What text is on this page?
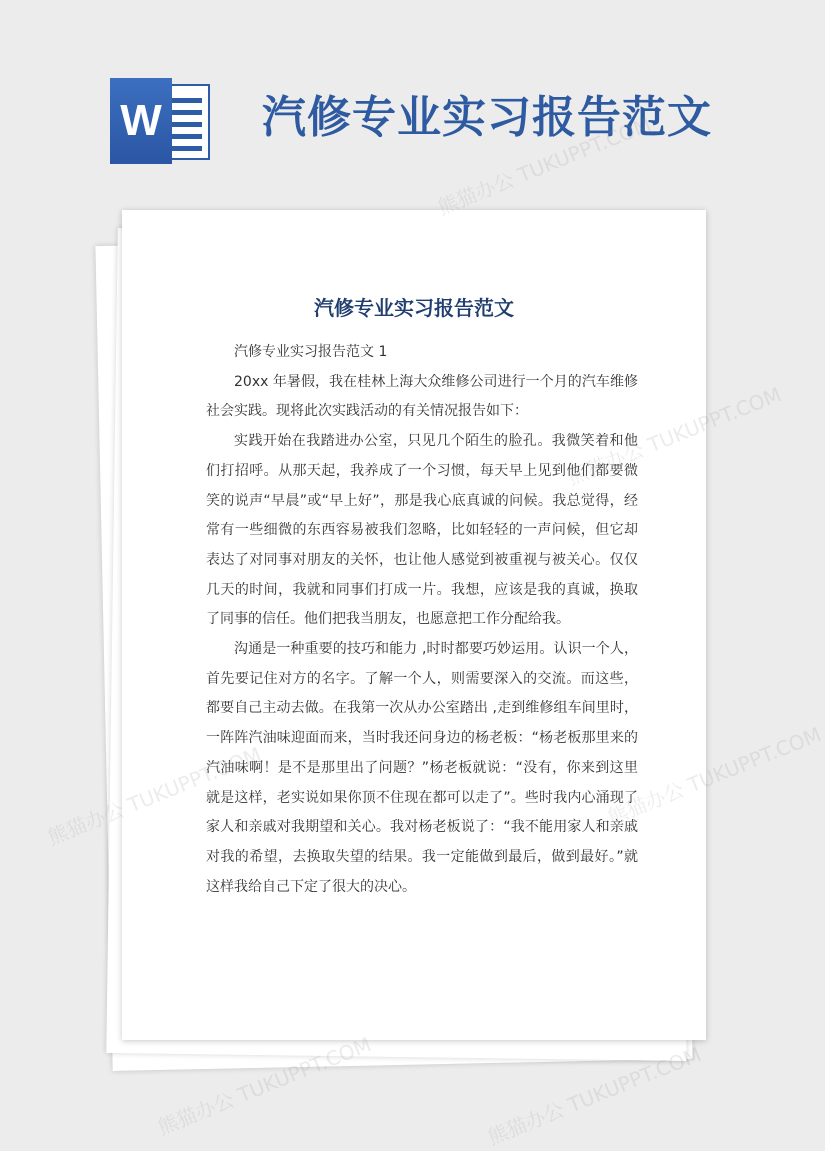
W 汽修专业实习报告范文
汽修专业实习报告范文

汽修专业实习报告范文 1

20xx 年暑假，我在桂林上海大众维修公司进行一个月的汽车维修社会实践。现将此次实践活动的有关情况报告如下：

实践开始在我踏进办公室，只见几个陌生的脸孔。我微笑着和他们打招呼。从那天起，我养成了一个习惯，每天早上见到他们都要微笑的说声“早晨”或“早上好”，那是我心底真诚的问候。我总觉得，经常有一些细微的东西容易被我们忽略，比如轻轻的一声问候，但它却表达了对同事对朋友的关怀，也让他人感觉到被重视与被关心。仅仅几天的时间，我就和同事们打成一片。我想，应该是我的真诚，换取了同事的信任。他们把我当朋友，也愿意把工作分配给我。

沟通是一种重要的技巧和能力 ,时时都要巧妙运用。认识一个人，首先要记住对方的名字。了解一个人，则需要深入的交流。而这些，都要自己主动去做。在我第一次从办公室踏出 ,走到维修组车间里时，一阵阵汽油味迎面而来，当时我还问身边的杨老板：“杨老板那里来的汽油味啊！是不是那里出了问题？”杨老板就说：“没有，你来到这里就是这样，老实说如果你顶不住现在都可以走了”。些时我内心涌现了家人和亲戚对我期望和关心。我对杨老板说了：“我不能用家人和亲戚对我的希望，去换取失望的结果。我一定能做到最后，做到最好。”就这样我给自己下定了很大的决心。

熊猫办公 TUKUPPT.COM
熊猫办公
TUKUPPT.COM
熊猫办公 TUKUPPT.COM
熊猫办公 TUKUPPT.COM	熊猫办公 TUKUPPT.COM
